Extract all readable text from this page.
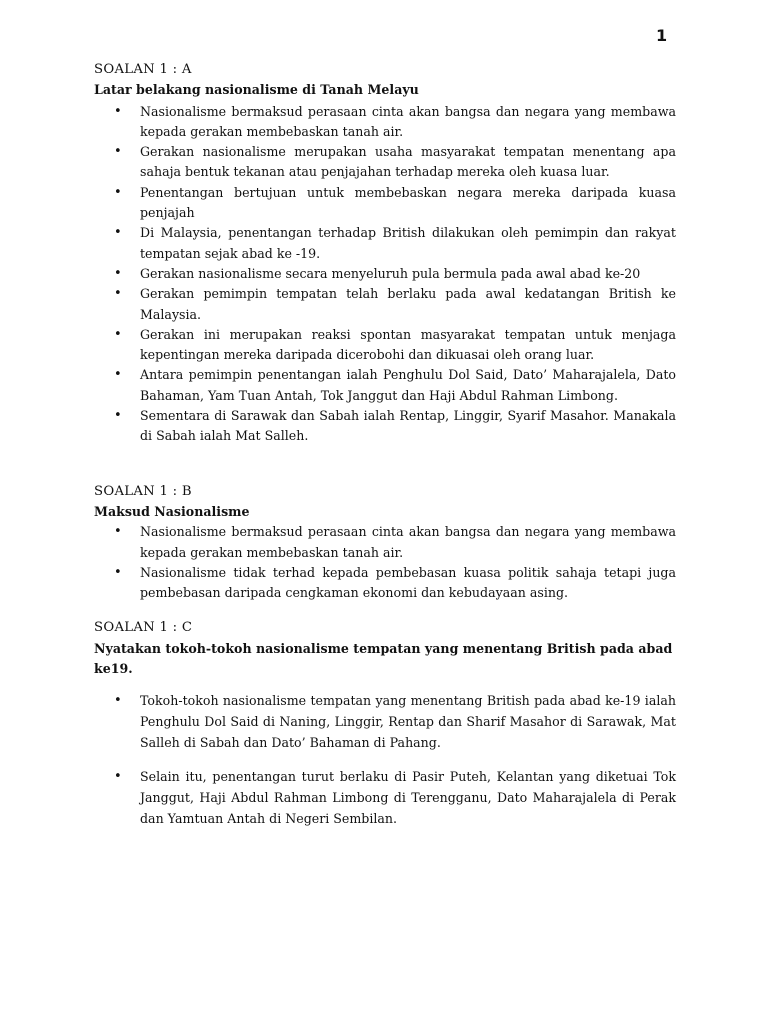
1
SOALAN 1 : A
Latar belakang nasionalisme di Tanah Melayu
• Nasionalisme bermaksud perasaan cinta akan bangsa dan negara yang membawa kepada gerakan membebaskan tanah air.
• Gerakan nasionalisme merupakan usaha masyarakat tempatan menentang apa sahaja bentuk tekanan atau penjajahan terhadap mereka oleh kuasa luar.
• Penentangan bertujuan untuk membebaskan negara mereka daripada kuasa penjajah
• Di Malaysia, penentangan terhadap British dilakukan oleh pemimpin dan rakyat tempatan sejak abad ke -19.
• Gerakan nasionalisme secara menyeluruh pula bermula pada awal abad ke-20
• Gerakan pemimpin tempatan telah berlaku pada awal kedatangan British ke Malaysia.
• Gerakan ini merupakan reaksi spontan masyarakat tempatan untuk menjaga kepentingan mereka daripada dicerobohi dan dikuasai oleh orang luar.
• Antara pemimpin penentangan ialah Penghulu Dol Said, Dato’ Maharajalela, Dato Bahaman, Yam Tuan Antah, Tok Janggut dan Haji Abdul Rahman Limbong.
• Sementara di Sarawak dan Sabah ialah Rentap, Linggir, Syarif Masahor. Manakala di Sabah ialah Mat Salleh.
SOALAN 1 : B
Maksud Nasionalisme
• Nasionalisme bermaksud perasaan cinta akan bangsa dan negara yang membawa kepada gerakan membebaskan tanah air.
• Nasionalisme tidak terhad kepada pembebasan kuasa politik sahaja tetapi juga pembebasan daripada cengkaman ekonomi dan kebudayaan asing.
SOALAN 1 : C
Nyatakan tokoh-tokoh nasionalisme tempatan yang menentang British pada abad ke19.
• Tokoh-tokoh nasionalisme tempatan yang menentang British pada abad ke-19 ialah Penghulu Dol Said di Naning, Linggir, Rentap dan Sharif Masahor di Sarawak, Mat Salleh di Sabah dan Dato’ Bahaman di Pahang.
• Selain itu, penentangan turut berlaku di Pasir Puteh, Kelantan yang diketuai Tok Janggut, Haji Abdul Rahman Limbong di Terengganu, Dato Maharajalela di Perak dan Yamtuan Antah di Negeri Sembilan.
